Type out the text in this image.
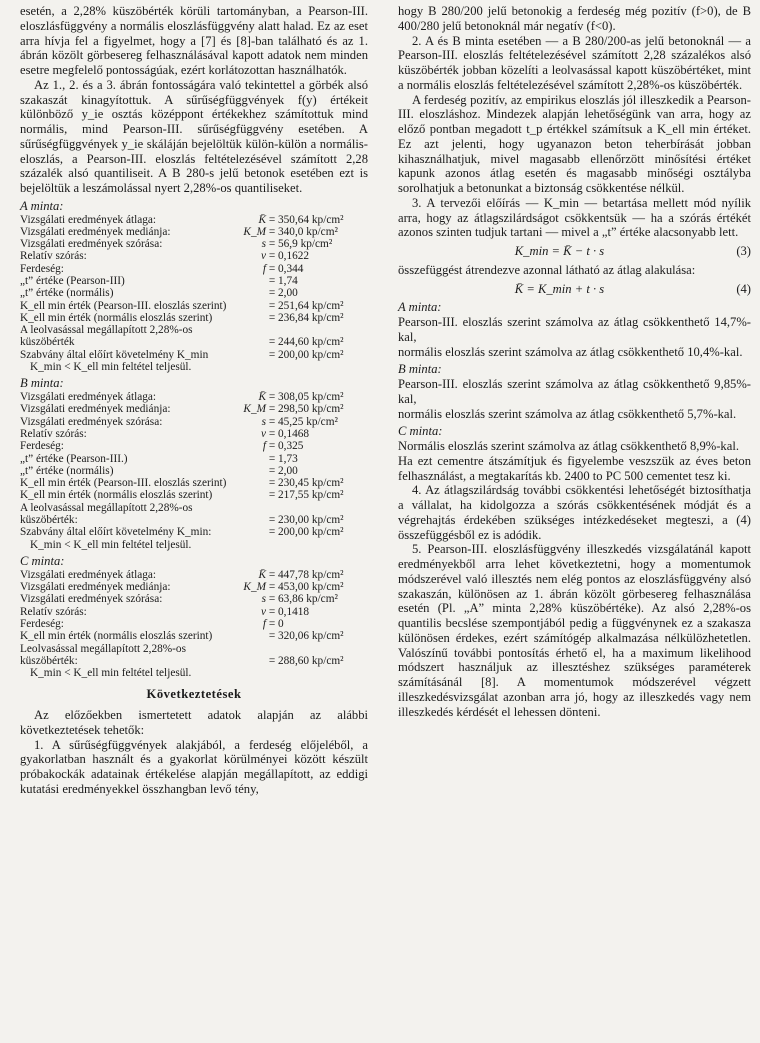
esetén, a 2,28% küszöbérték körüli tartományban, a Pearson-III. eloszlásfüggvény a normális eloszlásfüggvény alatt halad. Ez az eset arra hívja fel a figyelmet, hogy a [7] és [8]-ban található és az 1. ábrán közölt görbesereg felhasználásával kapott adatok nem minden esetre megfelelő pontosságúak, ezért korlátozottan használhatók.

Az 1., 2. és a 3. ábrán fontosságára való tekintettel a görbék alsó szakaszát kinagyítottuk. A sűrűségfüggvények f(y) értékeit különböző y_ie osztás középpont értékekhez számítottuk mind normális, mind Pearson-III. sűrűségfüggvény esetében. A sűrűségfüggvények y_ie skáláján bejelöltük külön-külön a normális-eloszlás, a Pearson-III. eloszlás feltételezésével számított 2,28 százalék alsó quantiliseit. A B 280-s jelű betonok esetében ezt is bejelöltük a leszámolással nyert 2,28%-os quantiliseket.

A minta:
Vizsgálati eredmények átlaga:	K̄ = 350,64 kp/cm²
Vizsgálati eredmények mediánja:	K_M = 340,0 kp/cm²
Vizsgálati eredmények szórása:	s = 56,9 kp/cm²
Relatív szórás:	v = 0,1622
Ferdeség:	f = 0,344
„t” értéke (Pearson-III)	= 1,74
„t” értéke (normális)	= 2,00
K_ell min érték (Pearson-III. eloszlás szerint)	= 251,64 kp/cm²
K_ell min érték (normális eloszlás szerint)	= 236,84 kp/cm²
A leolvasással megállapított 2,28%-os küszöbérték	= 244,60 kp/cm²
Szabvány által előírt követelmény K_min	= 200,00 kp/cm²
K_min < K_ell min feltétel teljesül.
B minta:
Vizsgálati eredmények átlaga:	K̄ = 308,05 kp/cm²
Vizsgálati eredmények mediánja:	K_M = 298,50 kp/cm²
Vizsgálati eredmények szórása:	s = 45,25 kp/cm²
Relatív szórás:	v = 0,1468
Ferdeség:	f = 0,325
„t” értéke (Pearson-III.)	= 1,73
„t” értéke (normális)	= 2,00
K_ell min érték (Pearson-III. eloszlás szerint)	= 230,45 kp/cm²
K_ell min érték (normális eloszlás szerint)	= 217,55 kp/cm²
A leolvasással megállapított 2,28%-os küszöbérték:	= 230,00 kp/cm²
Szabvány által előírt követelmény K_min:	= 200,00 kp/cm²
K_min < K_ell min feltétel teljesül.
C minta:
Vizsgálati eredmények átlaga:	K̄ = 447,78 kp/cm²
Vizsgálati eredmények mediánja:	K_M = 453,00 kp/cm²
Vizsgálati eredmények szórása:	s = 63,86 kp/cm²
Relatív szórás:	v = 0,1418
Ferdeség:	f = 0
K_ell min érték (normális eloszlás szerint)	= 320,06 kp/cm²
Leolvasással megállapított 2,28%-os küszöbérték:	= 288,60 kp/cm²
K_min < K_ell min feltétel teljesül.
Következtetések

Az előzőekben ismertetett adatok alapján az alábbi következtetések tehetők:

1. A sűrűségfüggvények alakjából, a ferdeség előjeléből, a gyakorlatban használt és a gyakorlat körülményei között készült próbakockák adatainak értékelése alapján megállapított, az eddigi kutatási eredményekkel összhangban levő tény,

hogy B 280/200 jelű betonokig a ferdeség még pozitív (f>0), de B 400/280 jelű betonoknál már negatív (f<0).

2. A és B minta esetében — a B 280/200-as jelű betonoknál — a Pearson-III. eloszlás feltételezésével számított 2,28 százalékos alsó küszöbérték jobban közelíti a leolvasással kapott küszöbértéket, mint a normális eloszlás feltételezésével számított 2,28%-os küszöbérték.

A ferdeség pozitív, az empirikus eloszlás jól illeszkedik a Pearson-III. eloszláshoz. Mindezek alapján lehetőségünk van arra, hogy az előző pontban megadott t_p értékkel számítsuk a K_ell min értéket. Ez azt jelenti, hogy ugyanazon beton teherbírását jobban kihasználhatjuk, mivel magasabb ellenőrzött minősítési értéket kapunk azonos átlag esetén és magasabb minőségi osztályba sorolhatjuk a betonunkat a biztonság csökkentése nélkül.

3. A tervezői előírás — K_min — betartása mellett mód nyílik arra, hogy az átlagszilárdságot csökkentsük — ha a szórás értékét azonos szinten tudjuk tartani — mivel a „t” értéke alacsonyabb lett.

K_min = K̄ − t · s	(3)

összefüggést átrendezve azonnal látható az átlag alakulása:

K̄ = K_min + t · s	(4)
A minta:

Pearson-III. eloszlás szerint számolva az átlag csökkenthető 14,7%-kal,

normális eloszlás szerint számolva az átlag csökkenthető 10,4%-kal.

B minta:

Pearson-III. eloszlás szerint számolva az átlag csökkenthető 9,85%-kal,

normális eloszlás szerint számolva az átlag csökkenthető 5,7%-kal.

C minta:

Normális eloszlás szerint számolva az átlag csökkenthető 8,9%-kal.

Ha ezt cementre átszámítjuk és figyelembe veszszük az éves beton felhasználást, a megtakarítás kb. 2400 to PC 500 cementet tesz ki.

4. Az átlagszilárdság további csökkentési lehetőségét biztosíthatja a vállalat, ha kidolgozza a szórás csökkentésének módját és a végrehajtás érdekében szükséges intézkedéseket megteszi, a (4) összefüggésből ez is adódik.

5. Pearson-III. eloszlásfüggvény illeszkedés vizsgálatánál kapott eredményekből arra lehet következtetni, hogy a momentumok módszerével való illesztés nem elég pontos az eloszlásfüggvény alsó szakaszán, különösen az 1. ábrán közölt görbesereg felhasználása esetén (Pl. „A” minta 2,28% küszöbértéke). Az alsó 2,28%-os quantilis becslése szempontjából pedig a függvénynek ez a szakasza különösen érdekes, ezért számítógép alkalmazása nélkülözhetetlen. Valószínű további pontosítás érhető el, ha a maximum likelihood módszert használjuk az illesztéshez szükséges paraméterek számításánál [8]. A momentumok módszerével végzett illeszkedésvizsgálat azonban arra jó, hogy az illeszkedés vagy nem illeszkedés kérdését el lehessen dönteni.
